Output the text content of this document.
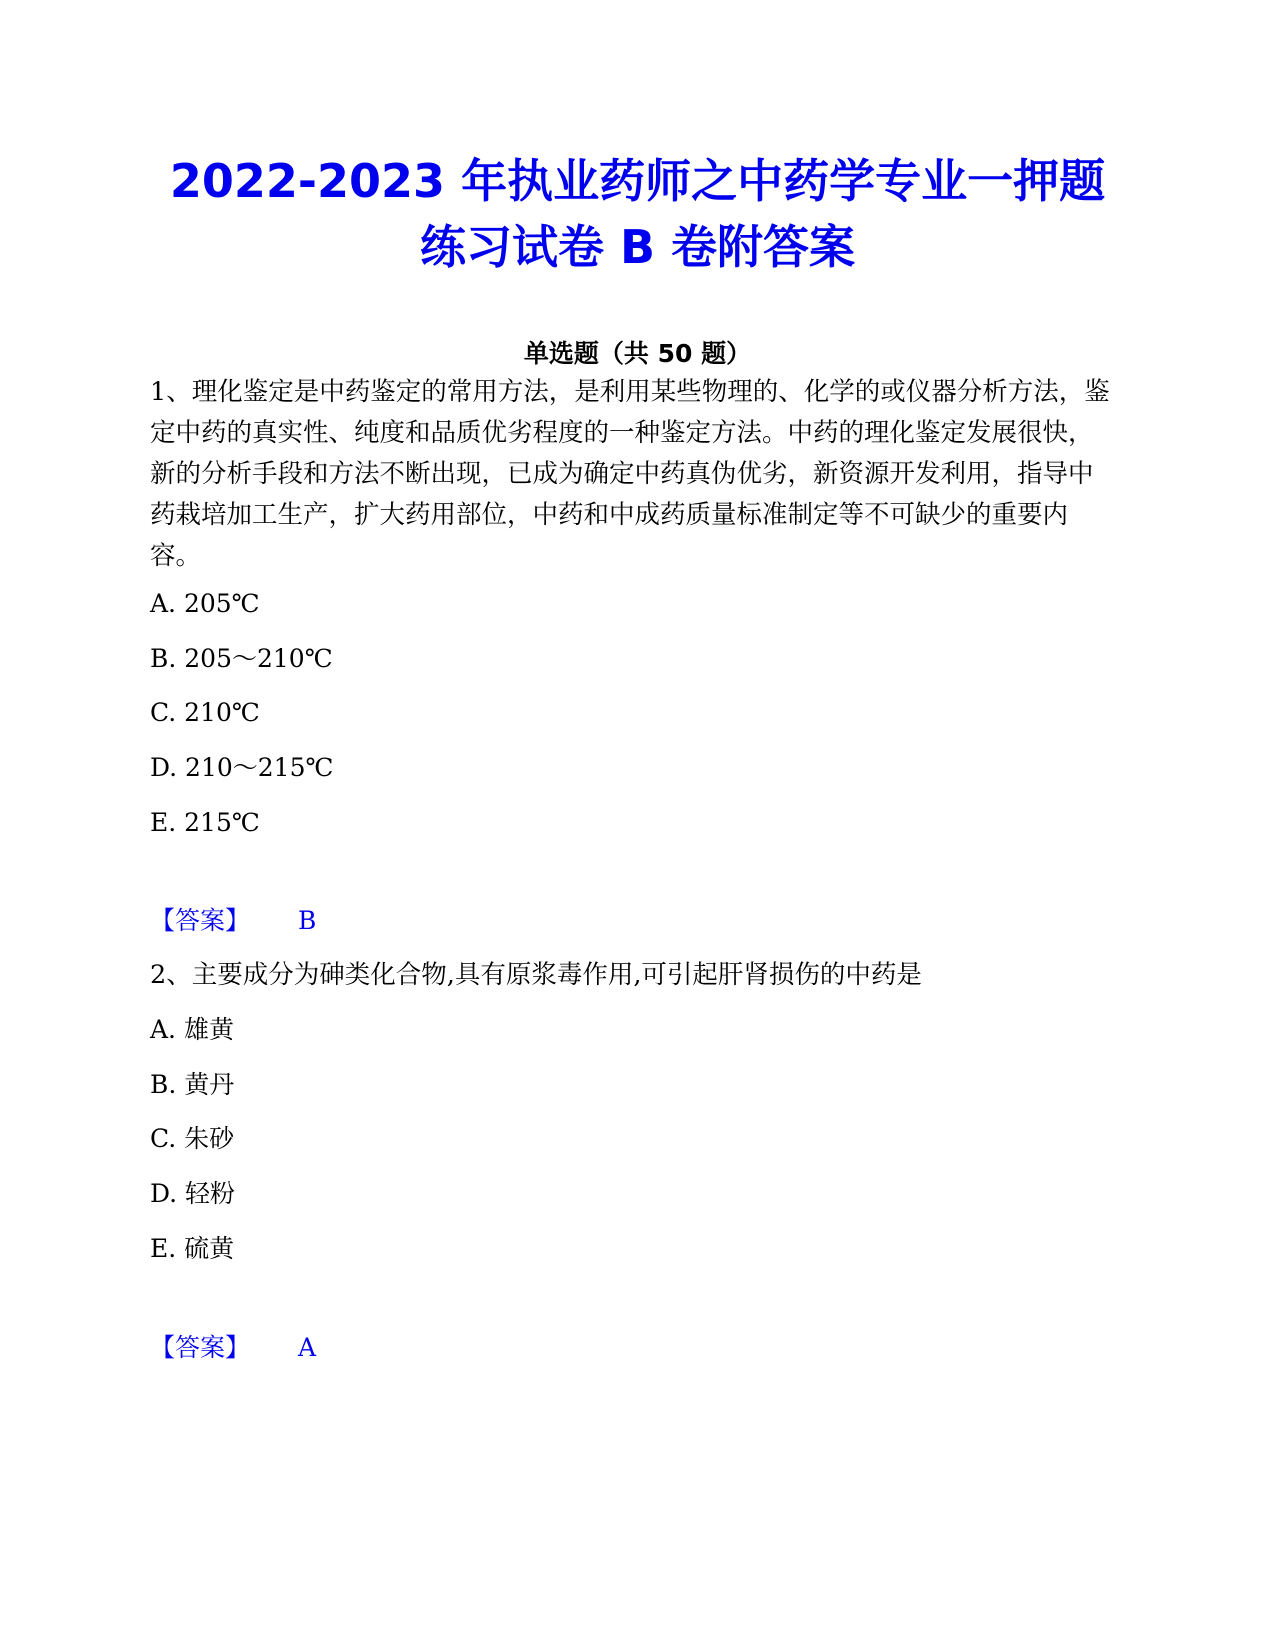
2022-2023 年执业药师之中药学专业一押题
练习试卷 B 卷附答案
单选题（共 50 题）

1、理化鉴定是中药鉴定的常用方法，是利用某些物理的、化学的或仪器分析方法，鉴定中药的真实性、纯度和品质优劣程度的一种鉴定方法。中药的理化鉴定发展很快，新的分析手段和方法不断出现，已成为确定中药真伪优劣，新资源开发利用，指导中药栽培加工生产，扩大药用部位，中药和中成药质量标准制定等不可缺少的重要内容。

A. 205℃
B. 205～210℃
C. 210℃
D. 210～215℃
E. 215℃
【答案】 B

2、主要成分为砷类化合物,具有原浆毒作用,可引起肝肾损伤的中药是

A. 雄黄
B. 黄丹
C. 朱砂
D. 轻粉
E. 硫黄
【答案】 A
